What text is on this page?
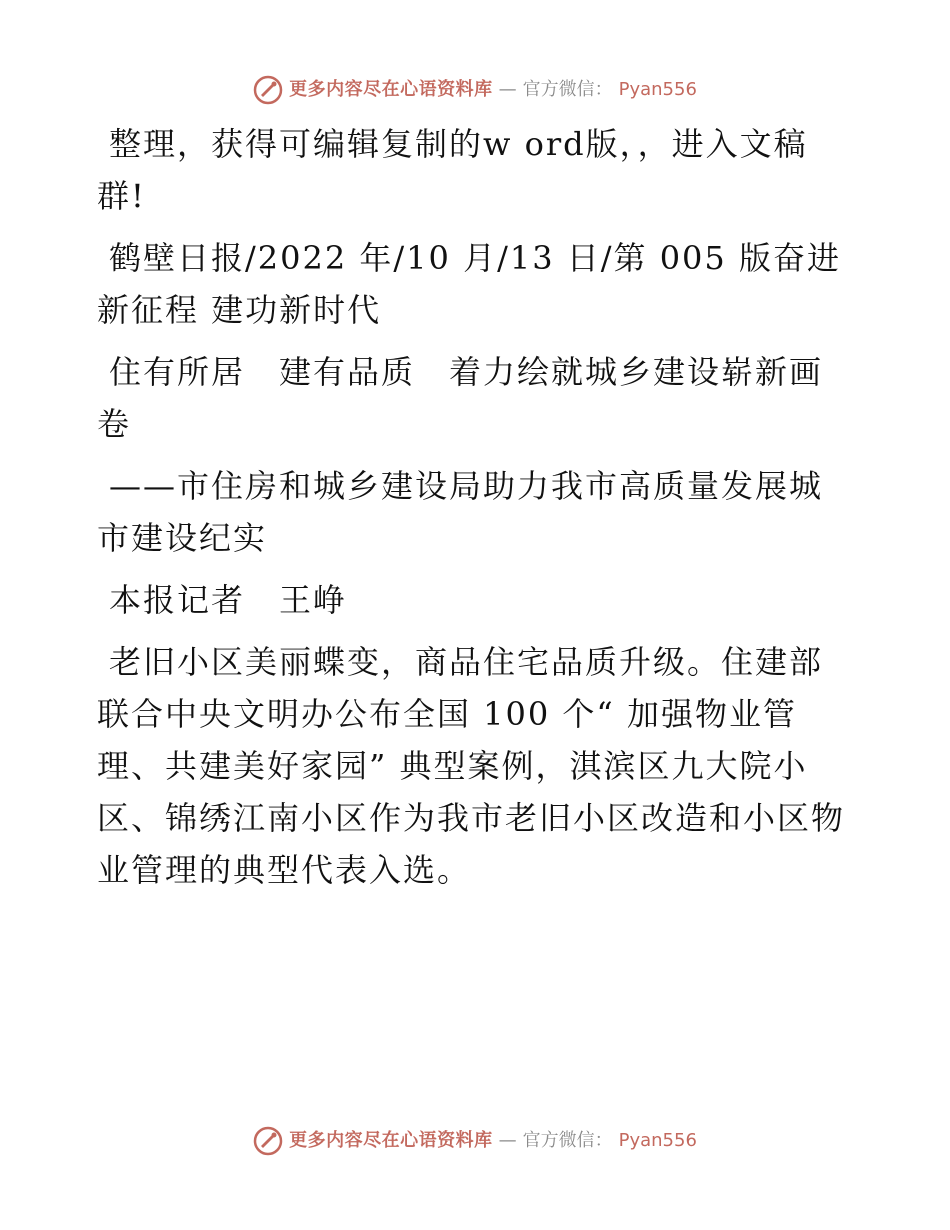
更多内容尽在心语资料库 — 官方微信： Pyan556

整理，获得可编辑复制的w ord版，，进入文稿群!

鹤壁日报/2022 年/10 月/13 日/第 005 版奋进新征程 建功新时代

住有所居　建有品质　着力绘就城乡建设崭新画卷

——市住房和城乡建设局助力我市高质量发展城市建设纪实

本报记者　王峥

老旧小区美丽蝶变，商品住宅品质升级。住建部联合中央文明办公布全国 100 个“ 加强物业管理、共建美好家园” 典型案例，淇滨区九大院小区、锦绣江南小区作为我市老旧小区改造和小区物业管理的典型代表入选。

更多内容尽在心语资料库 — 官方微信： Pyan556
